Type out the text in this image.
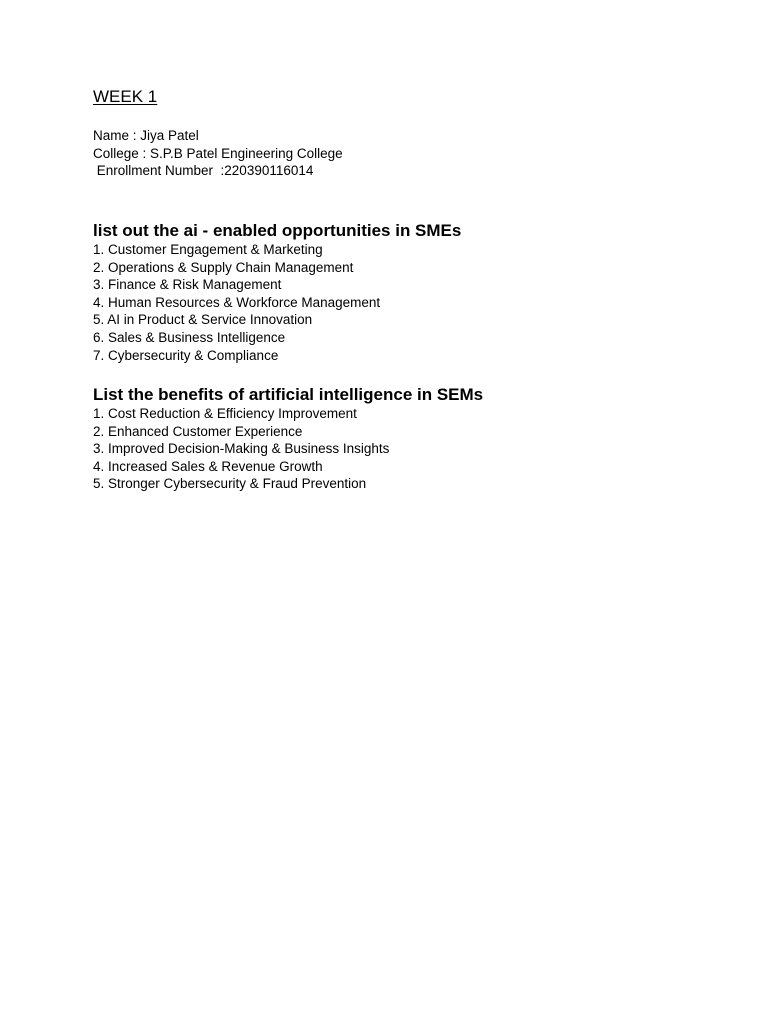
WEEK 1
Name : Jiya Patel
College : S.P.B Patel Engineering College
Enrollment Number  :220390116014
list out the ai - enabled opportunities in SMEs
1. Customer Engagement & Marketing
2. Operations & Supply Chain Management
3. Finance & Risk Management
4. Human Resources & Workforce Management
5. AI in Product & Service Innovation
6. Sales & Business Intelligence
7. Cybersecurity & Compliance
List the benefits of artificial intelligence in SEMs
1. Cost Reduction & Efficiency Improvement
2. Enhanced Customer Experience
3. Improved Decision-Making & Business Insights
4. Increased Sales & Revenue Growth
5. Stronger Cybersecurity & Fraud Prevention
